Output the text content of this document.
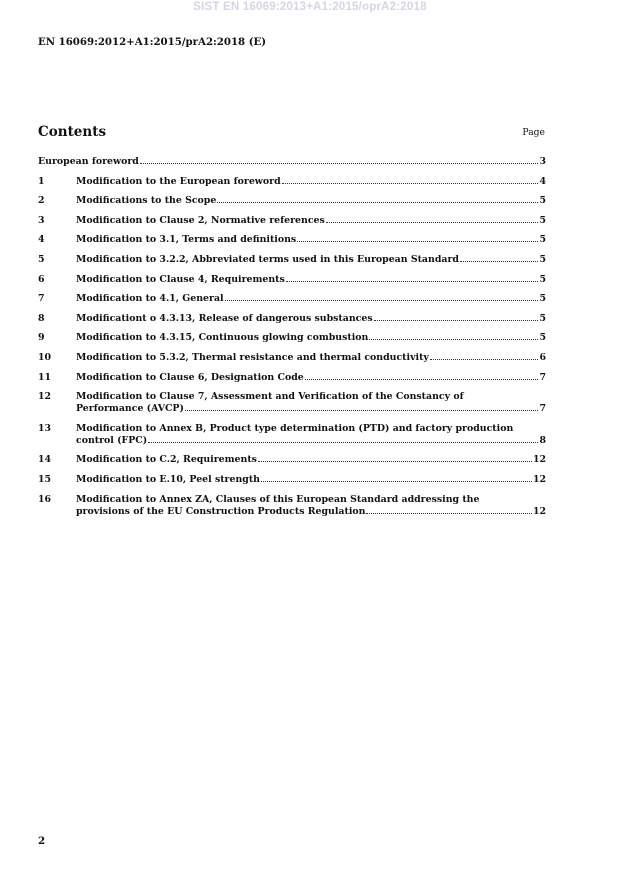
SIST EN 16069:2013+A1:2015/oprA2:2018
EN 16069:2012+A1:2015/prA2:2018 (E)
Contents	Page
European foreword	3
1	Modification to the European foreword	4
2	Modifications to the Scope	5
3	Modification to Clause 2, Normative references	5
4	Modification to 3.1, Terms and definitions	5
5	Modification to 3.2.2, Abbreviated terms used in this European Standard	5
6	Modification to Clause 4, Requirements	5
7	Modification to 4.1, General	5
8	Modificationt o 4.3.13, Release of dangerous substances	5
9	Modification to 4.3.15, Continuous glowing combustion	5
10	Modification to 5.3.2, Thermal resistance and thermal conductivity	6
11	Modification to Clause 6, Designation Code	7
12	Modification to Clause 7, Assessment and Verification of the Constancy of
Performance (AVCP)	7
13	Modification to Annex B, Product type determination (PTD) and factory production
control (FPC)	8
14	Modification to C.2, Requirements	12
15	Modification to E.10, Peel strength	12
16	Modification to Annex ZA, Clauses of this European Standard addressing the
provisions of the EU Construction Products Regulation	12
2
